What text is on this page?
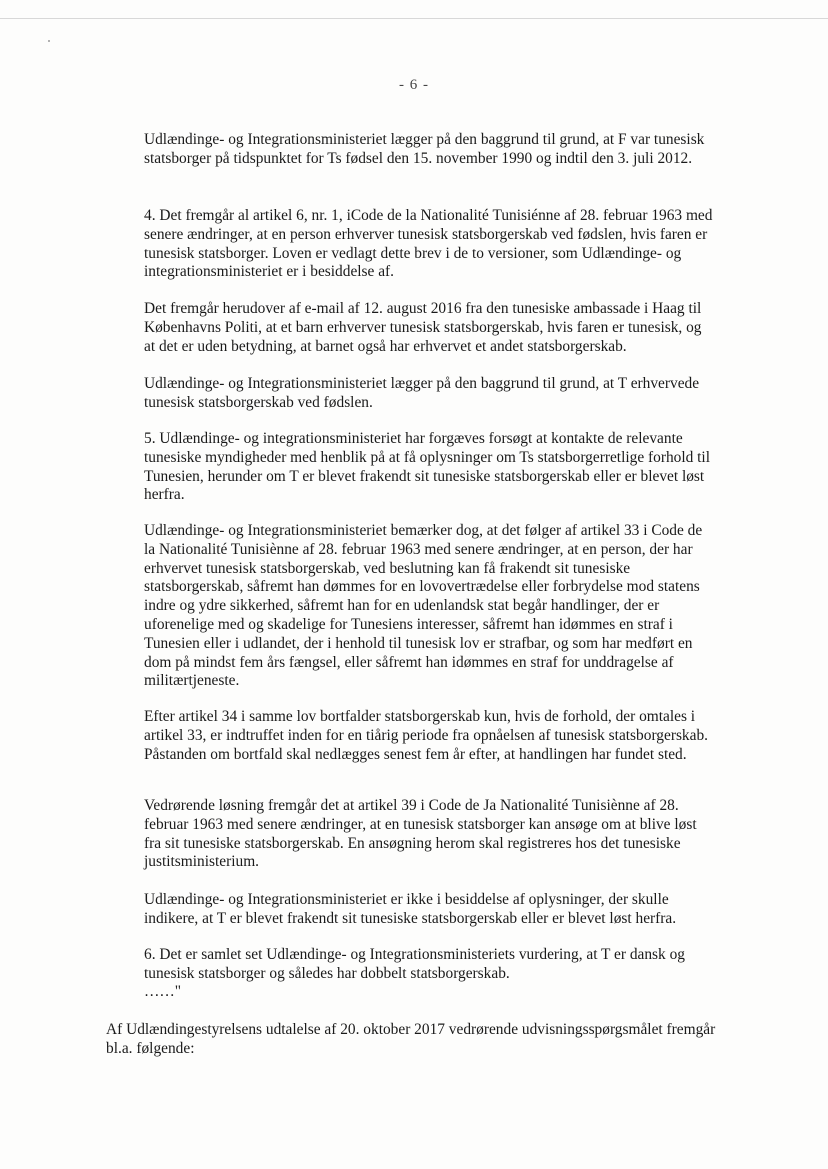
- 6 -

Udlændinge- og Integrationsministeriet lægger på den baggrund til grund, at F var tunesisk statsborger på tidspunktet for Ts fødsel den 15. november 1990 og indtil den 3. juli 2012.

4. Det fremgår al artikel 6, nr. 1, iCode de la Nationalité Tunisiénne af 28. februar 1963 med senere ændringer, at en person erhverver tunesisk statsborgerskab ved fødslen, hvis faren er tunesisk statsborger. Loven er vedlagt dette brev i de to versioner, som Udlændinge- og integrationsministeriet er i besiddelse af.

Det fremgår herudover af e-mail af 12. august 2016 fra den tunesiske ambassade i Haag til Københavns Politi, at et barn erhverver tunesisk statsborgerskab, hvis faren er tunesisk, og at det er uden betydning, at barnet også har erhvervet et andet statsborgerskab.

Udlændinge- og Integrationsministeriet lægger på den baggrund til grund, at T erhvervede tunesisk statsborgerskab ved fødslen.

5. Udlændinge- og integrationsministeriet har forgæves forsøgt at kontakte de relevante tunesiske myndigheder med henblik på at få oplysninger om Ts statsborgerretlige forhold til Tunesien, herunder om T er blevet frakendt sit tunesiske statsborgerskab eller er blevet løst herfra.

Udlændinge- og Integrationsministeriet bemærker dog, at det følger af artikel 33 i Code de la Nationalité Tunisiènne af 28. februar 1963 med senere ændringer, at en person, der har erhvervet tunesisk statsborgerskab, ved beslutning kan få frakendt sit tunesiske statsborgerskab, såfremt han dømmes for en lovovertrædelse eller forbrydelse mod statens indre og ydre sikkerhed, såfremt han for en udenlandsk stat begår handlinger, der er uforenelige med og skadelige for Tunesiens interesser, såfremt han idømmes en straf i Tunesien eller i udlandet, der i henhold til tunesisk lov er strafbar, og som har medført en dom på mindst fem års fængsel, eller såfremt han idømmes en straf for unddragelse af militærtjeneste.

Efter artikel 34 i samme lov bortfalder statsborgerskab kun, hvis de forhold, der omtales i artikel 33, er indtruffet inden for en tiårig periode fra opnåelsen af tunesisk statsborgerskab. Påstanden om bortfald skal nedlægges senest fem år efter, at handlingen har fundet sted.

Vedrørende løsning fremgår det at artikel 39 i Code de Ja Nationalité Tunisiènne af 28. februar 1963 med senere ændringer, at en tunesisk statsborger kan ansøge om at blive løst fra sit tunesiske statsborgerskab. En ansøgning herom skal registreres hos det tunesiske justitsministerium.

Udlændinge- og Integrationsministeriet er ikke i besiddelse af oplysninger, der skulle indikere, at T er blevet frakendt sit tunesiske statsborgerskab eller er blevet løst herfra.

6. Det er samlet set Udlændinge- og Integrationsministeriets vurdering, at T er dansk og tunesisk statsborger og således har dobbelt statsborgerskab.

……"

Af Udlændingestyrelsens udtalelse af 20. oktober 2017 vedrørende udvisningsspørgsmålet fremgår bl.a. følgende:
